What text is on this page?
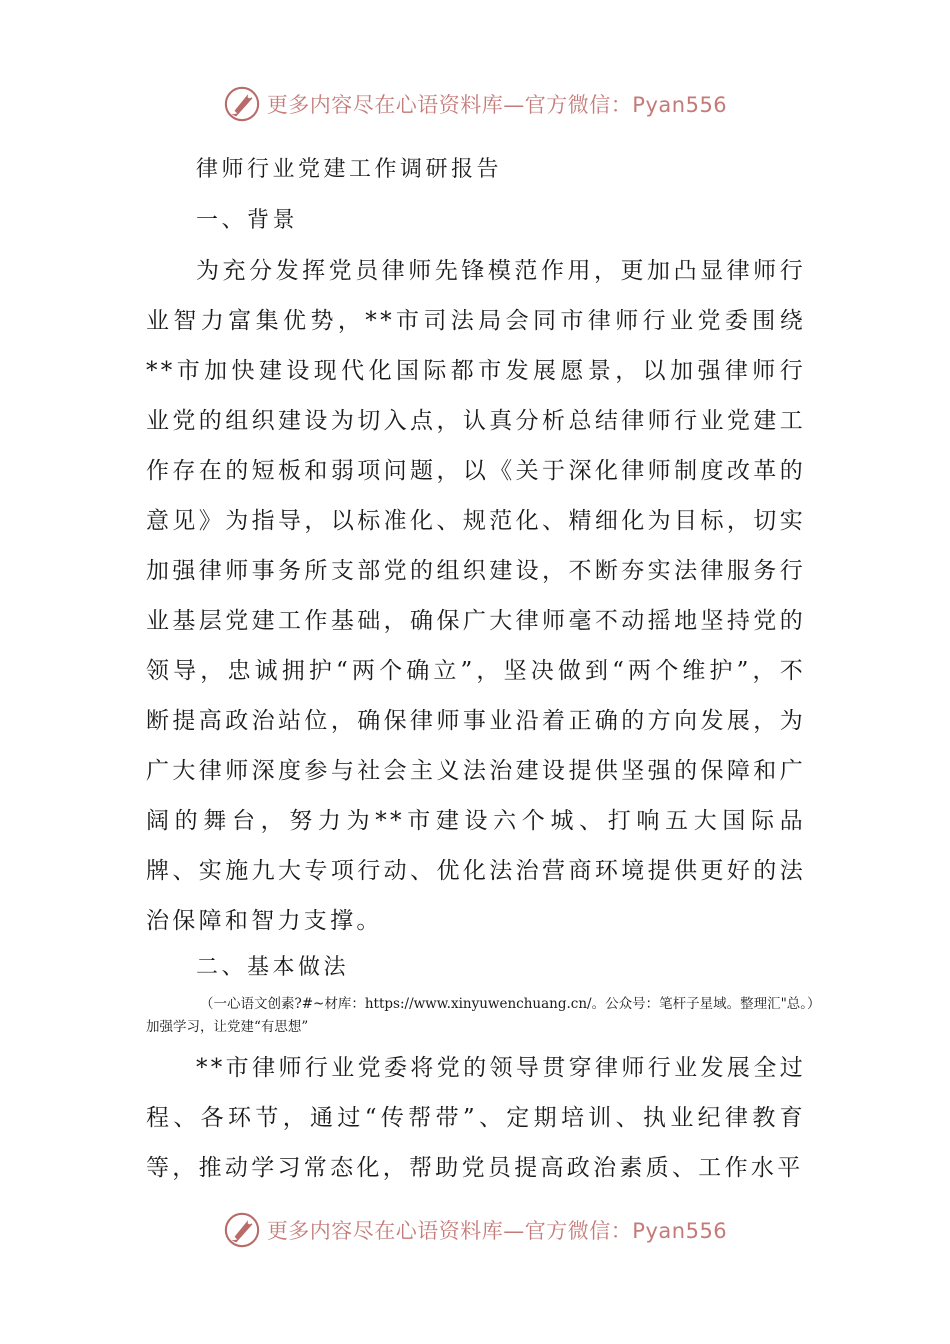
更多内容尽在心语资料库—官方微信：Pyan556
律师行业党建工作调研报告
一、背景

为充分发挥党员律师先锋模范作用，更加凸显律师行业智力富集优势，**市司法局会同市律师行业党委围绕**市加快建设现代化国际都市发展愿景，以加强律师行业党的组织建设为切入点，认真分析总结律师行业党建工作存在的短板和弱项问题，以《关于深化律师制度改革的意见》为指导，以标准化、规范化、精细化为目标，切实加强律师事务所支部党的组织建设，不断夯实法律服务行业基层党建工作基础，确保广大律师毫不动摇地坚持党的领导，忠诚拥护“两个确立”，坚决做到“两个维护”，不断提高政治站位，确保律师事业沿着正确的方向发展，为广大律师深度参与社会主义法治建设提供坚强的保障和广阔的舞台，努力为**市建设六个城、打响五大国际品牌、实施九大专项行动、优化法治营商环境提供更好的法治保障和智力支撑。

二、基本做法

（一心语文创素?#~材库：https://www.xinyuwenchuang.cn/。公众号：笔杆子星域。整理汇"总。）加强学习，让党建“有思想”

**市律师行业党委将党的领导贯穿律师行业发展全过程、各环节，通过“传帮带”、定期培训、执业纪律教育等，推动学习常态化，帮助党员提高政治素质、工作水平

更多内容尽在心语资料库—官方微信：Pyan556
